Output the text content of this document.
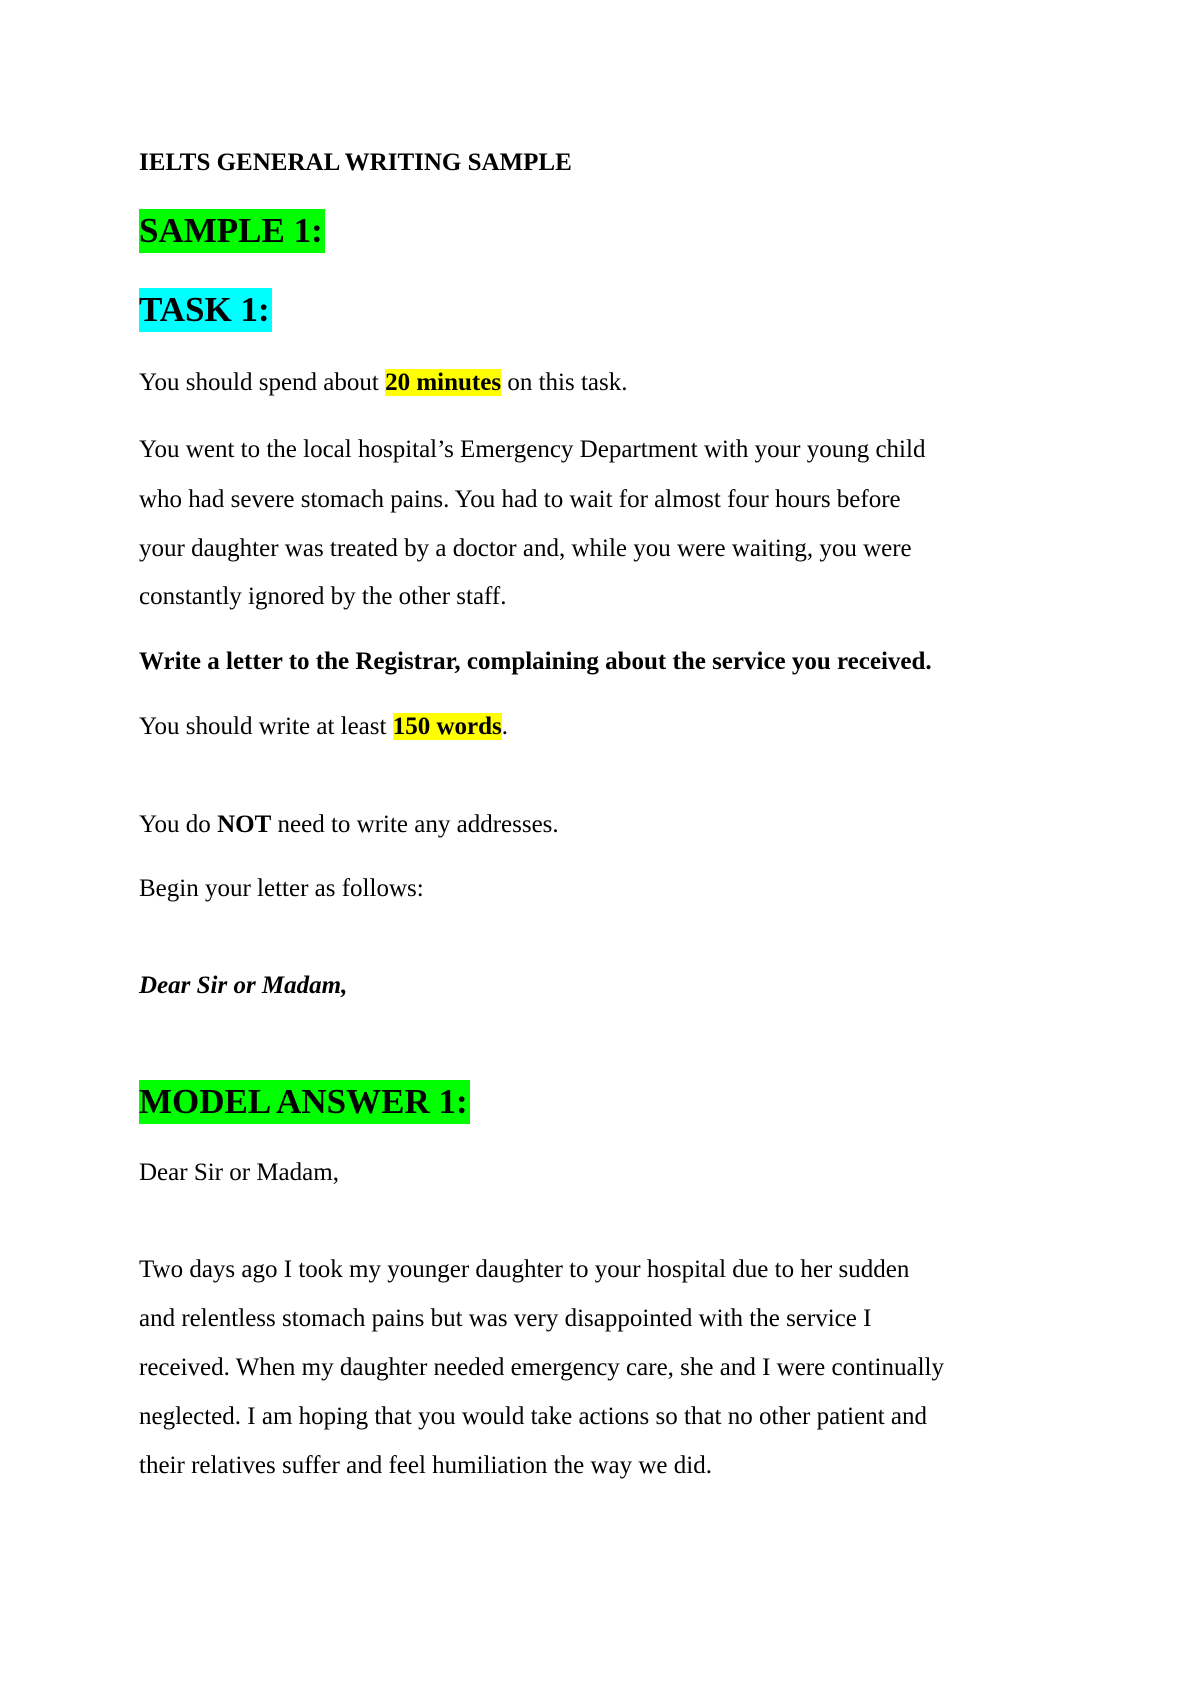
IELTS GENERAL WRITING SAMPLE
SAMPLE 1:
TASK 1:
You should spend about 20 minutes on this task.
You went to the local hospital’s Emergency Department with your young child
who had severe stomach pains. You had to wait for almost four hours before
your daughter was treated by a doctor and, while you were waiting, you were
constantly ignored by the other staff.
Write a letter to the Registrar, complaining about the service you received.
You should write at least 150 words.
You do NOT need to write any addresses.
Begin your letter as follows:
Dear Sir or Madam,
MODEL ANSWER 1:
Dear Sir or Madam,
Two days ago I took my younger daughter to your hospital due to her sudden
and relentless stomach pains but was very disappointed with the service I
received. When my daughter needed emergency care, she and I were continually
neglected. I am hoping that you would take actions so that no other patient and
their relatives suffer and feel humiliation the way we did.
